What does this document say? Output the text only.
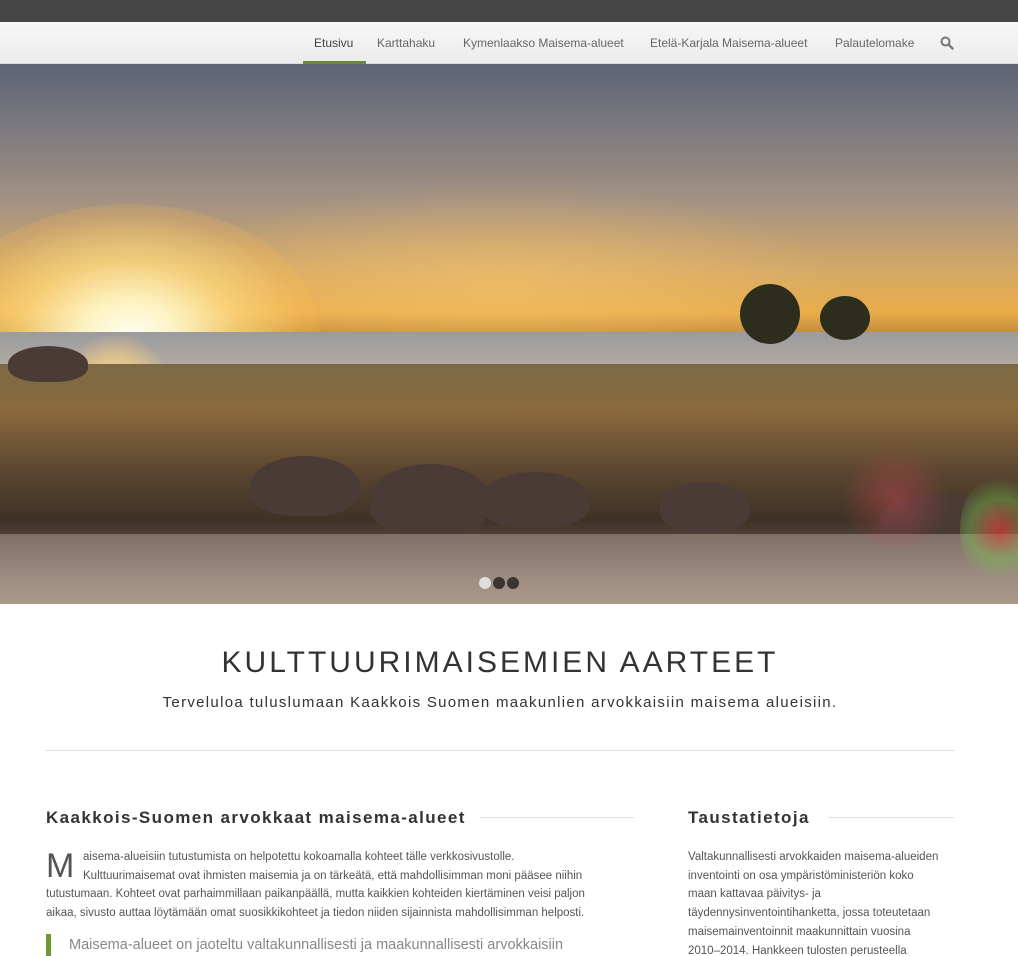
Etusivu Karttahaku Kymenlaakso Maisema-alueet Etelä-Karjala Maisema-alueet Palautelomake
KULTTUURIMAISEMIEN AARTEET

Terveluloa tuluslumaan Kaakkois Suomen maakunlien arvokkaisiin maisema alueisiin.

Kaakkois-Suomen arvokkaat maisema-alueet	Taustatietoja
M aisema-alueisiin tutustumista on helpotettu kokoamalla kohteet tälle verkkosivustolle.
Kulttuurimaisemat ovat ihmisten maisemia ja on tärkeätä, että mahdollisimman moni pääsee niihin
tutustumaan. Kohteet ovat parhaimmillaan paikanpäällä, mutta kaikkien kohteiden kiertäminen veisi paljon
aikaa, sivusto auttaa löytämään omat suosikkikohteet ja tiedon niiden sijainnista mahdollisimman helposti.
Maisema-alueet on jaoteltu valtakunnallisesti ja maakunnallisesti arvokkaisiin
Valtakunnallisesti arvokkaiden maisema-alueiden
inventointi on osa ympäristöministeriön koko
maan kattavaa päivitys- ja
täydennysinventointihanketta, jossa toteutetaan
maisemainventoinnit maakunnittain vuosina
2010–2014. Hankkeen tulosten perusteella
